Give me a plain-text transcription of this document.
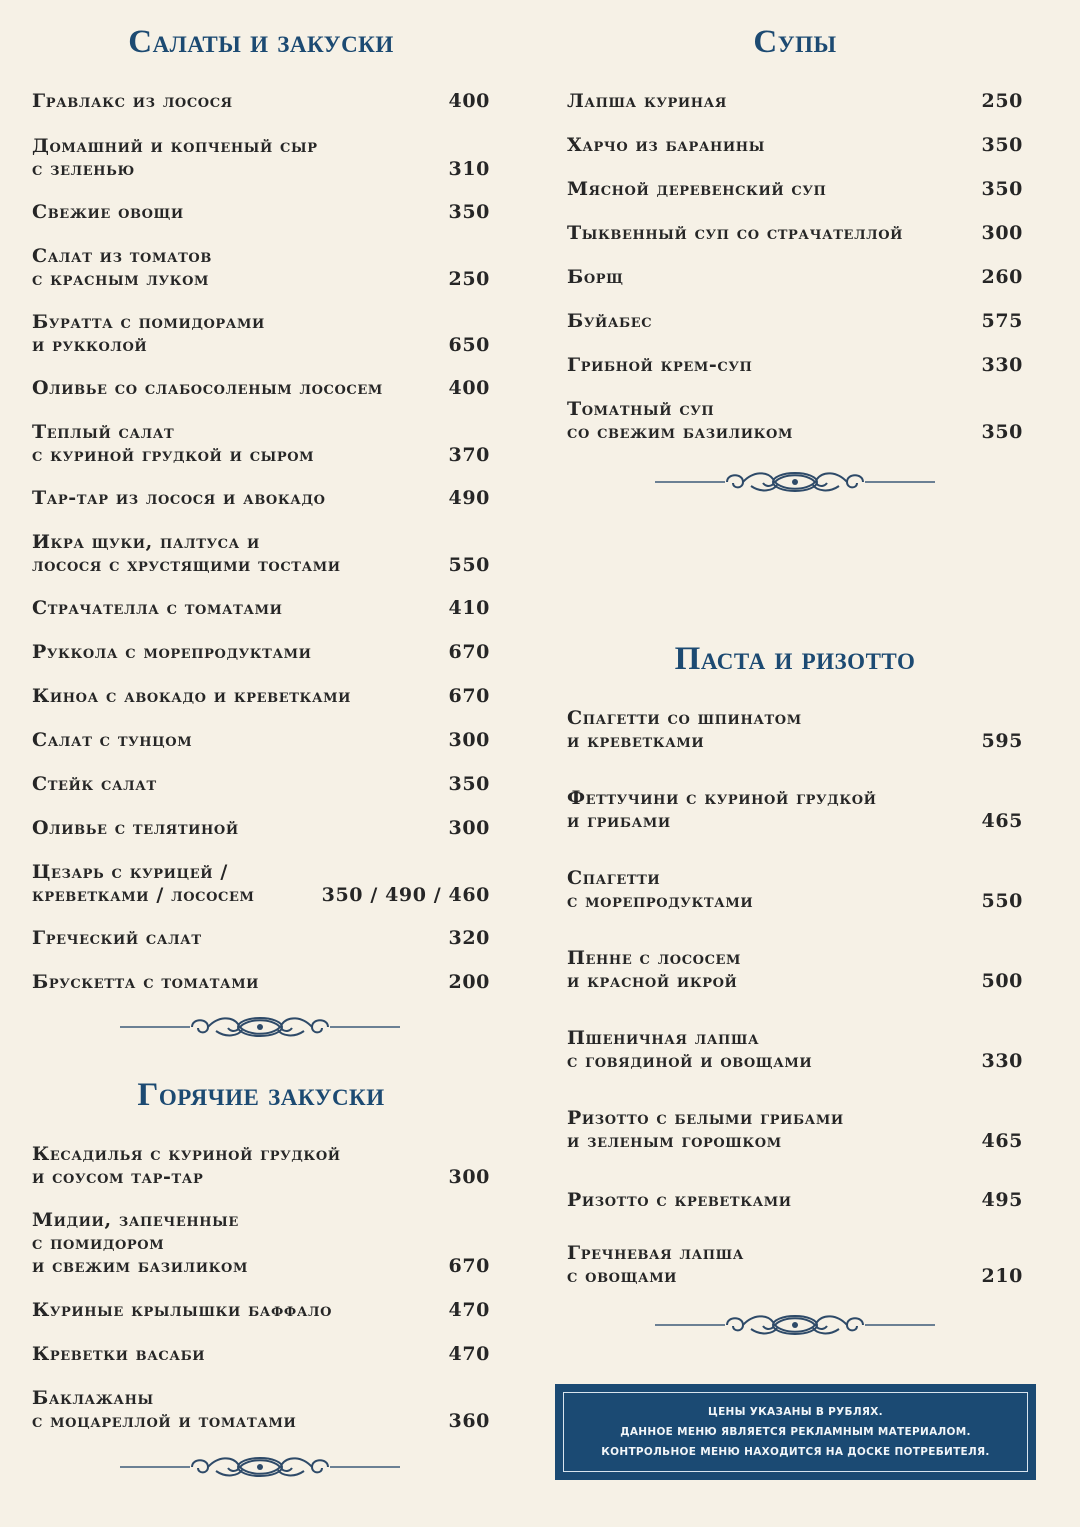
Салаты и закуски
Гравлакс из лосося	400
Домашний и копченый сыр
с зеленью	310
Свежие овощи	350
Салат из томатов
с красным луком	250
Буратта с помидорами
и рукколой	650
Оливье со слабосоленым лососем	400
Теплый салат
с куриной грудкой и сыром	370
Тар-тар из лосося и авокадо	490
Икра щуки, палтуса и
лосося с хрустящими тостами	550
Страчателла с томатами	410
Руккола с морепродуктами	670
Киноа с авокадо и креветками	670
Салат с тунцом	300
Стейк салат	350
Оливье с телятиной	300
Цезарь с курицей /
креветками / лососем	350 / 490 / 460
Греческий салат	320
Брускетта с томатами	200
Горячие закуски
Кесадилья с куриной грудкой
и соусом тар-тар	300
Мидии, запеченные
с помидором
и свежим базиликом	670
Куриные крылышки баффало	470
Креветки васаби	470
Баклажаны
с моцареллой и томатами	360
Супы
Лапша куриная	250
Харчо из баранины	350
Мясной деревенский суп	350
Тыквенный суп со страчателлой	300
Борщ	260
Буйабес	575
Грибной крем-суп	330
Томатный суп
со свежим базиликом	350
Паста и ризотто
Спагетти со шпинатом
и креветками	595
Феттучини с куриной грудкой
и грибами	465
Спагетти
с морепродуктами	550
Пенне с лососем
и красной икрой	500
Пшеничная лапша
с говядиной и овощами	330
Ризотто с белыми грибами
и зеленым горошком	465
Ризотто с креветками	495
Гречневая лапша
с овощами	210
ЦЕНЫ УКАЗАНЫ В РУБЛЯХ.
ДАННОЕ МЕНЮ ЯВЛЯЕТСЯ РЕКЛАМНЫМ МАТЕРИАЛОМ.
КОНТРОЛЬНОЕ МЕНЮ НАХОДИТСЯ НА ДОСКЕ ПОТРЕБИТЕЛЯ.
